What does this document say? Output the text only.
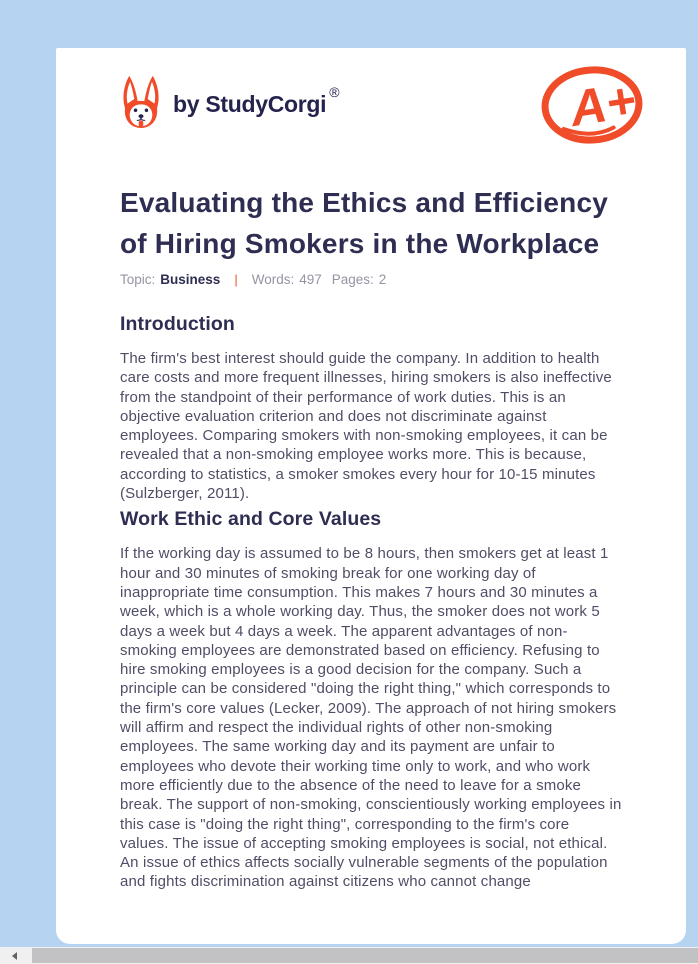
by StudyCorgi ®	A+
Evaluating the Ethics and Efficiency of Hiring Smokers in the Workplace
Topic: Business | Words: 497 Pages: 2
Introduction

The firm's best interest should guide the company. In addition to health care costs and more frequent illnesses, hiring smokers is also ineffective from the standpoint of their performance of work duties. This is an objective evaluation criterion and does not discriminate against employees. Comparing smokers with non-smoking employees, it can be revealed that a non-smoking employee works more. This is because, according to statistics, a smoker smokes every hour for 10-15 minutes (Sulzberger, 2011).

Work Ethic and Core Values

If the working day is assumed to be 8 hours, then smokers get at least 1 hour and 30 minutes of smoking break for one working day of inappropriate time consumption. This makes 7 hours and 30 minutes a week, which is a whole working day. Thus, the smoker does not work 5 days a week but 4 days a week. The apparent advantages of non-smoking employees are demonstrated based on efficiency. Refusing to hire smoking employees is a good decision for the company. Such a principle can be considered "doing the right thing," which corresponds to the firm's core values (Lecker, 2009). The approach of not hiring smokers will affirm and respect the individual rights of other non-smoking employees. The same working day and its payment are unfair to employees who devote their working time only to work, and who work more efficiently due to the absence of the need to leave for a smoke break. The support of non-smoking, conscientiously working employees in this case is "doing the right thing", corresponding to the firm's core values. The issue of accepting smoking employees is social, not ethical. An issue of ethics affects socially vulnerable segments of the population and fights discrimination against citizens who cannot change
